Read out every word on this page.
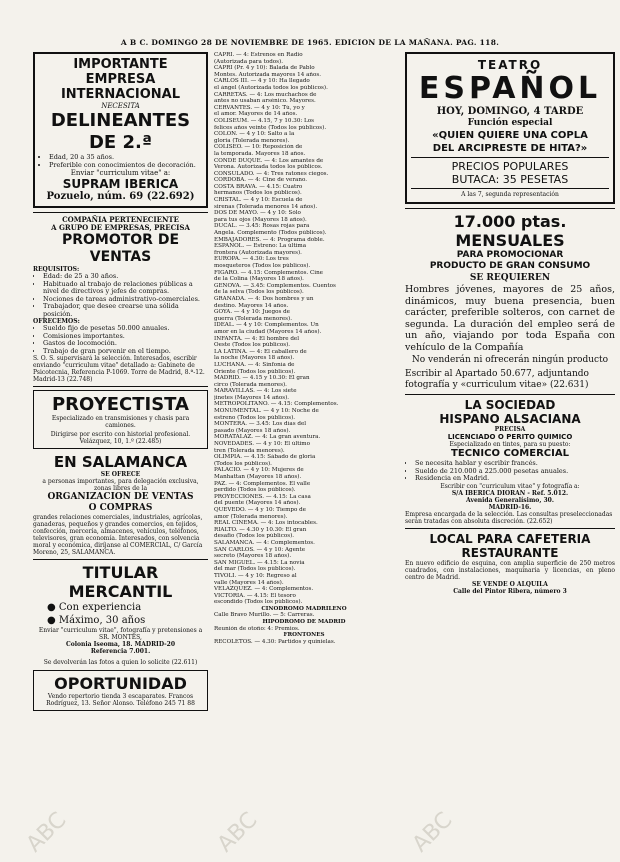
A B C. DOMINGO 28 DE NOVIEMBRE DE 1965. EDICION DE LA MAÑANA. PAG. 118.
ABC	ABC	ABC
IMPORTANTE EMPRESA
INTERNACIONAL
NECESITA
DELINEANTES DE 2.ª
• Edad, 20 a 35 años.
• Preferible con conocimientos de decoración.
Enviar "curriculum vitae" a:
SUPRAM IBERICA
Pozuelo, núm. 69 (22.692)
COMPAÑIA PERTENECIENTE
A GRUPO DE EMPRESAS, PRECISA
PROMOTOR DE VENTAS
REQUISITOS:
• Edad: de 25 a 30 años.
• Habituado al trabajo de relaciones públicas a nivel de directivos y jefes de compras.
• Nociones de tareas administrativo-comerciales.
• Trabajador, que desee crearse una sólida posición.
OFRECEMOS:
• Sueldo fijo de pesetas 50.000 anuales.
• Comisiones importantes.
• Gastos de locomoción.
• Trabajo de gran porvenir en el tiempo.
S. O. S. supervisará la selección. Interesados, escribir enviando "curriculum vitae" detallado a: Gabinete de Psicotecnia, Referencia P-1069. Torre de Madrid, 8.ª-12. Madrid-13 (22.748)
PROYECTISTA
Especializado en transmisiones y chasis para camiones.
Dirigirse por escrito con historial profesional. Velázquez, 10, 1.º (22.485)
EN SALAMANCA
SE OFRECE
a personas importantes, para delegación exclusiva, zonas libres de la
ORGANIZACION DE VENTAS
O COMPRAS
grandes relaciones comerciales, industriales, agrícolas, ganaderas, pequeños y grandes comercios, en tejidos, confección, mercería, almacenes, vehículos, teléfonos, televisores, gran economía. Interesados, con solvencia moral y económica, diríjanse al COMERCIAL, C/ García Moreno, 25, SALAMANCA.
TITULAR MERCANTIL
● Con experiencia
● Máximo, 30 años
Enviar "curriculum vitae", fotografía y pretensiones a SR. MONTES,
Colonia Iseoma, 18. MADRID-20
Referencia 7.001.
Se devolverán las fotos a quien lo solicite (22.611)
OPORTUNIDAD
Vendo repertorio tienda 3 escaparates. Francos Rodríguez, 13. Señor Alonso. Teléfono 245 71 88
CAPRI. — 4: Estrenos en Radio
(Autorizada para todos).
CAPRI (Pr. 4 y 10): Balada de Pablo
Montes. Autorizada mayores 14 años.
CARLOS III. — 4 y 10: Ha llegado
el ángel (Autorizada todos los públicos).
CARRETAS. — 4: Los muchachos de
antes no usaban arsénico. Mayores.
CERVANTES. — 4 y 10: Tú, yo y
el amor. Mayores de 14 años.
COLISEUM. — 4.15, 7 y 10.30: Los
felices años veinte (Todos los públicos).
COLON. — 4 y 10: Salto a la
gloria (Tolerada menores).
COLISEO. — 10: Reposición de
la temporada. Mayores 18 años.
CONDE DUQUE. — 4: Los amantes de
Verona. Autorizada todos los públicos.
CONSULADO. — 4: Tres ratones ciegos.
CORDOBA. — 4: Cine de verano.
COSTA BRAVA. — 4.15: Cuatro
hermanos (Todos los públicos).
CRISTAL. — 4 y 10: Escuela de
sirenas (Tolerada menores 14 años).
DOS DE MAYO. — 4 y 10: Sólo
para tus ojos (Mayores 18 años).
DUCAL. — 3.45: Rosas rojas para
Ángela. Complemento (Todos públicos).
EMBAJADORES. — 4: Programa doble.
ESPAÑOL. — Estreno: La última
frontera (Autorizada mayores).
EUROPA. — 4.30: Los tres
mosqueteros (Todos los públicos).
FIGARO. — 4.15: Complementos. Cine
de la Colina (Mayores 18 años).
GENOVA. — 3.45: Complementos. Cuentos
de la selva (Todos los públicos).
GRANADA. — 4: Dos hombres y un
destino. Mayores 14 años.
GOYA. — 4 y 10: Juegos de
guerra (Tolerada menores).
IDEAL. — 4 y 10: Complementos. Un
amor en la ciudad (Mayores 14 años).
INFANTA. — 4: El hombre del
Oeste (Todos los públicos).
LA LATINA. — 4: El caballero de
la noche (Mayores 18 años).
LUCHANA. — 4: Sinfonía de
Oriente (Todos los públicos).
MADRID. — 4.15 y 10.30: El gran
circo (Tolerada menores).
MARAVILLAS. — 4: Los siete
jinetes (Mayores 14 años).
METROPOLITANO. — 4.15: Complementos.
MONUMENTAL. — 4 y 10: Noche de
estreno (Todos los públicos).
MONTERA. — 3.45: Los días del
pasado (Mayores 18 años).
MORATALAZ. — 4: La gran aventura.
NOVEDADES. — 4 y 10: El último
tren (Tolerada menores).
OLIMPIA. — 4.15: Sábado de gloria
(Todos los públicos).
PALACIO. — 4 y 10: Mujeres de
Manhattan (Mayores 18 años).
PAZ. — 4: Complementos. El valle
perdido (Todos los públicos).
PROYECCIONES. — 4.15: La casa
del puente (Mayores 14 años).
QUEVEDO. — 4 y 10: Tiempo de
amor (Tolerada menores).
REAL CINEMA. — 4: Los intocables.
RIALTO. — 4.30 y 10.30: El gran
desafío (Todos los públicos).
SALAMANCA. — 4: Complementos.
SAN CARLOS. — 4 y 10: Agente
secreto (Mayores 18 años).
SAN MIGUEL. — 4.15: La novia
del mar (Todos los públicos).
TIVOLI. — 4 y 10: Regreso al
valle (Mayores 14 años).
VELAZQUEZ. — 4: Complementos.
VICTORIA. — 4.15: El tesoro
escondido (Todos los públicos).
CINODROMO MADRILEÑO
Calle Bravo Murillo. — 5: Carreras.
HIPODROMO DE MADRID
Reunión de otoño: 4: Premios.
FRONTONES
RECOLETOS. — 4.30: Partidos y quinielas.
TEATRO
ESPAÑOL
HOY, DOMINGO, 4 TARDE
Función especial
«QUIEN QUIERE UNA COPLA
DEL ARCIPRESTE DE HITA?»
PRECIOS POPULARES
BUTACA: 35 PESETAS
A las 7, segunda representación
17.000 ptas. MENSUALES
PARA PROMOCIONAR
PRODUCTO DE GRAN CONSUMO
SE REQUIEREN
Hombres jóvenes, mayores de 25 años, dinámicos, muy buena presencia, buen carácter, preferible solteros, con carnet de segunda. La duración del empleo será de un año, viajando por toda España con vehículo de la Compañía
No venderán ni ofrecerán ningún producto
Escribir al Apartado 50.677, adjuntando fotografía y «curriculum vitae» (22.631)
LA SOCIEDAD
HISPANO ALSACIANA
PRECISA
LICENCIADO O PERITO QUIMICO
Especializado en tintes, para su puesto:
TECNICO COMERCIAL
• Se necesita hablar y escribir francés.
• Sueldo de 210.000 a 225.000 pesetas anuales.
• Residencia en Madrid.
Escribir con "curriculum vitae" y fotografía a:
S/A IBERICA DIORAN - Ref. 5.012.
Avenida Generalísimo, 30.
MADRID-16.
Empresa encargada de la selección. Las consultas preseleccionadas serán tratadas con absoluta discreción. (22.652)
LOCAL PARA CAFETERIA
RESTAURANTE
En nuevo edificio de esquina, con amplia superficie de 250 metros cuadrados, con instalaciones, maquinaria y licencias, en pleno centro de Madrid.
SE VENDE O ALQUILA
Calle del Pintor Ribera, número 3
